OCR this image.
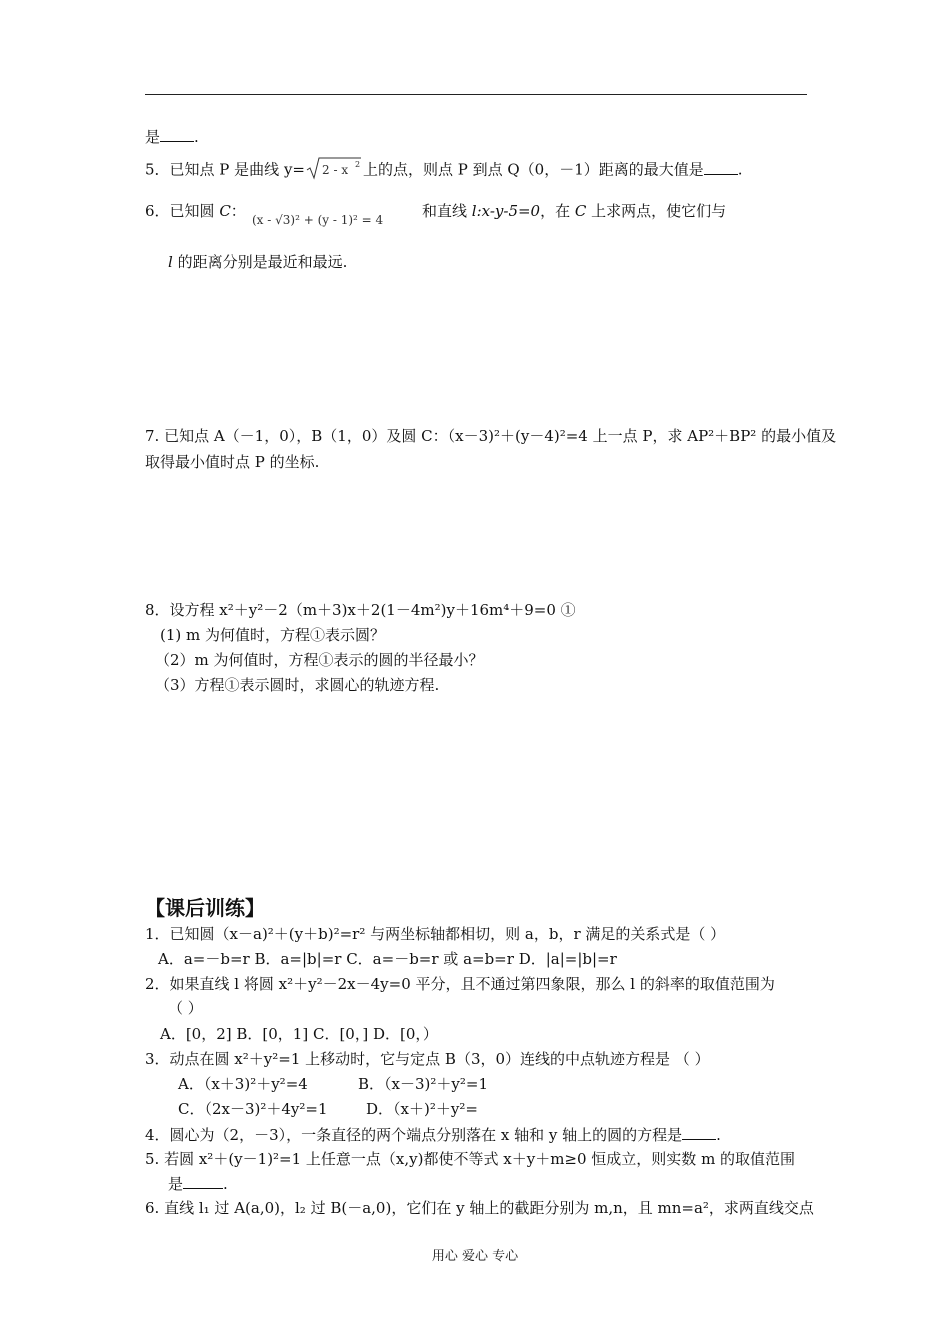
是 .
5．已知点 P 是曲线 y= 2 - x 2 上的点，则点 P 到点 Q（0，－1）距离的最大值是 .
6．已知圆 C： (x - √3)² + (y - 1)² = 4	和直线 l:x-y-5=0，在 C 上求两点，使它们与
l 的距离分别是最近和最远.
7. 已知点 A（－1，0），B（1，0）及圆 C：（x－3)²＋(y－4)²=4 上一点 P，求 AP²＋BP² 的最小值及
取得最小值时点 P 的坐标.
8．设方程 x²＋y²－2（m＋3)x＋2(1－4m²)y＋16m⁴＋9=0 ①
(1) m 为何值时，方程①表示圆？
（2）m 为何值时，方程①表示的圆的半径最小？
（3）方程①表示圆时，求圆心的轨迹方程.
【课后训练】
1．已知圆（x－a)²＋(y＋b)²=r² 与两坐标轴都相切，则 a，b，r 满足的关系式是（ ）
A．a=－b=r B．a=|b|=r C．a=－b=r 或 a=b=r D．|a|=|b|=r
2．如果直线 l 将圆 x²＋y²－2x－4y=0 平分，且不通过第四象限，那么 l 的斜率的取值范围为
（ ）
A．[0，2] B．[0，1] C．[0，] D．[0，）
3．动点在圆 x²＋y²=1 上移动时，它与定点 B（3，0）连线的中点轨迹方程是 （ ）
A．（x＋3)²＋y²=4	B．（x－3)²＋y²=1
C．（2x－3)²＋4y²=1	D．（x＋)²＋y²=
4．圆心为（2，－3），一条直径的两个端点分别落在 x 轴和 y 轴上的圆的方程是 .
5. 若圆 x²＋(y－1)²=1 上任意一点（x,y)都使不等式 x＋y＋m≥0 恒成立，则实数 m 的取值范围
是	.
6. 直线 l₁ 过 A(a,0)，l₂ 过 B(－a,0)，它们在 y 轴上的截距分别为 m,n，且 mn=a²，求两直线交点
用心 爱心 专心
